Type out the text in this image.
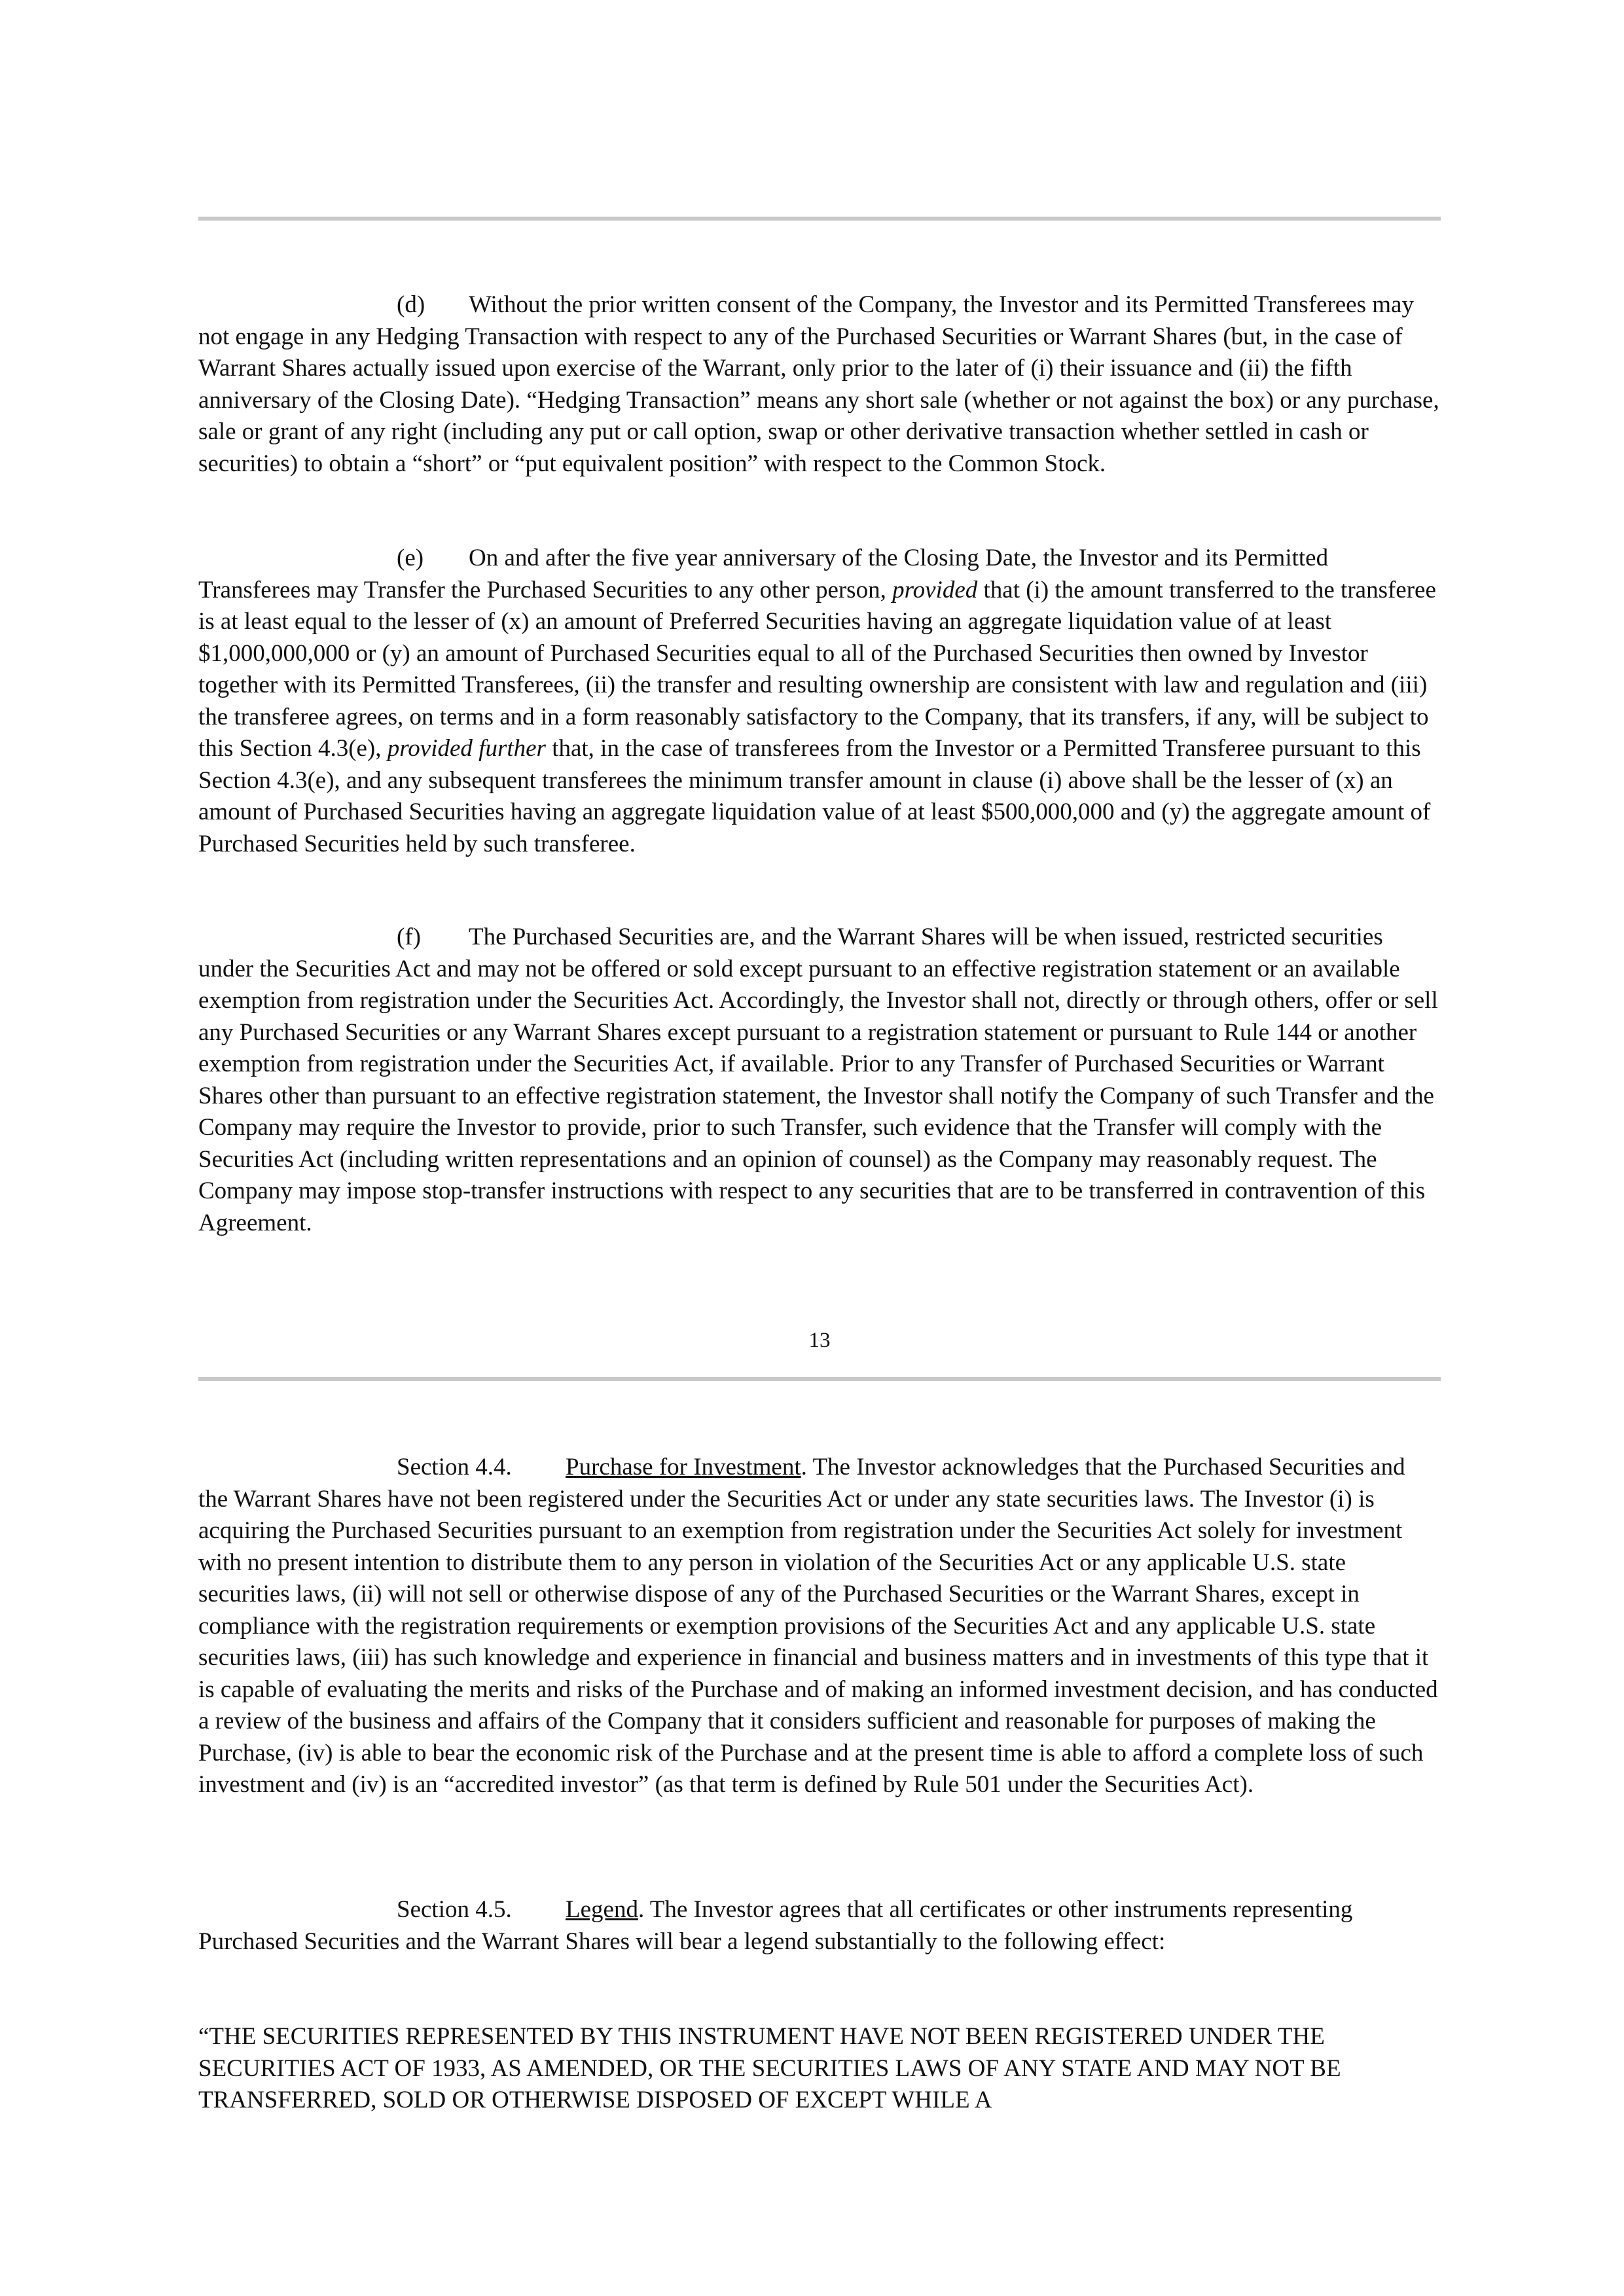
(d) Without the prior written consent of the Company, the Investor and its Permitted Transferees may not engage in any Hedging Transaction with respect to any of the Purchased Securities or Warrant Shares (but, in the case of Warrant Shares actually issued upon exercise of the Warrant, only prior to the later of (i) their issuance and (ii) the fifth anniversary of the Closing Date). “Hedging Transaction” means any short sale (whether or not against the box) or any purchase, sale or grant of any right (including any put or call option, swap or other derivative transaction whether settled in cash or securities) to obtain a “short” or “put equivalent position” with respect to the Common Stock.

(e) On and after the five year anniversary of the Closing Date, the Investor and its Permitted Transferees may Transfer the Purchased Securities to any other person, provided that (i) the amount transferred to the transferee is at least equal to the lesser of (x) an amount of Preferred Securities having an aggregate liquidation value of at least $1,000,000,000 or (y) an amount of Purchased Securities equal to all of the Purchased Securities then owned by Investor together with its Permitted Transferees, (ii) the transfer and resulting ownership are consistent with law and regulation and (iii) the transferee agrees, on terms and in a form reasonably satisfactory to the Company, that its transfers, if any, will be subject to this Section 4.3(e), provided further that, in the case of transferees from the Investor or a Permitted Transferee pursuant to this Section 4.3(e), and any subsequent transferees the minimum transfer amount in clause (i) above shall be the lesser of (x) an amount of Purchased Securities having an aggregate liquidation value of at least $500,000,000 and (y) the aggregate amount of Purchased Securities held by such transferee.

(f) The Purchased Securities are, and the Warrant Shares will be when issued, restricted securities under the Securities Act and may not be offered or sold except pursuant to an effective registration statement or an available exemption from registration under the Securities Act. Accordingly, the Investor shall not, directly or through others, offer or sell any Purchased Securities or any Warrant Shares except pursuant to a registration statement or pursuant to Rule 144 or another exemption from registration under the Securities Act, if available. Prior to any Transfer of Purchased Securities or Warrant Shares other than pursuant to an effective registration statement, the Investor shall notify the Company of such Transfer and the Company may require the Investor to provide, prior to such Transfer, such evidence that the Transfer will comply with the Securities Act (including written representations and an opinion of counsel) as the Company may reasonably request. The Company may impose stop-transfer instructions with respect to any securities that are to be transferred in contravention of this Agreement.

13

Section 4.4. Purchase for Investment. The Investor acknowledges that the Purchased Securities and the Warrant Shares have not been registered under the Securities Act or under any state securities laws. The Investor (i) is acquiring the Purchased Securities pursuant to an exemption from registration under the Securities Act solely for investment with no present intention to distribute them to any person in violation of the Securities Act or any applicable U.S. state securities laws, (ii) will not sell or otherwise dispose of any of the Purchased Securities or the Warrant Shares, except in compliance with the registration requirements or exemption provisions of the Securities Act and any applicable U.S. state securities laws, (iii) has such knowledge and experience in financial and business matters and in investments of this type that it is capable of evaluating the merits and risks of the Purchase and of making an informed investment decision, and has conducted a review of the business and affairs of the Company that it considers sufficient and reasonable for purposes of making the Purchase, (iv) is able to bear the economic risk of the Purchase and at the present time is able to afford a complete loss of such investment and (iv) is an “accredited investor” (as that term is defined by Rule 501 under the Securities Act).

Section 4.5. Legend. The Investor agrees that all certificates or other instruments representing Purchased Securities and the Warrant Shares will bear a legend substantially to the following effect:

“THE SECURITIES REPRESENTED BY THIS INSTRUMENT HAVE NOT BEEN REGISTERED UNDER THE SECURITIES ACT OF 1933, AS AMENDED, OR THE SECURITIES LAWS OF ANY STATE AND MAY NOT BE TRANSFERRED, SOLD OR OTHERWISE DISPOSED OF EXCEPT WHILE A
